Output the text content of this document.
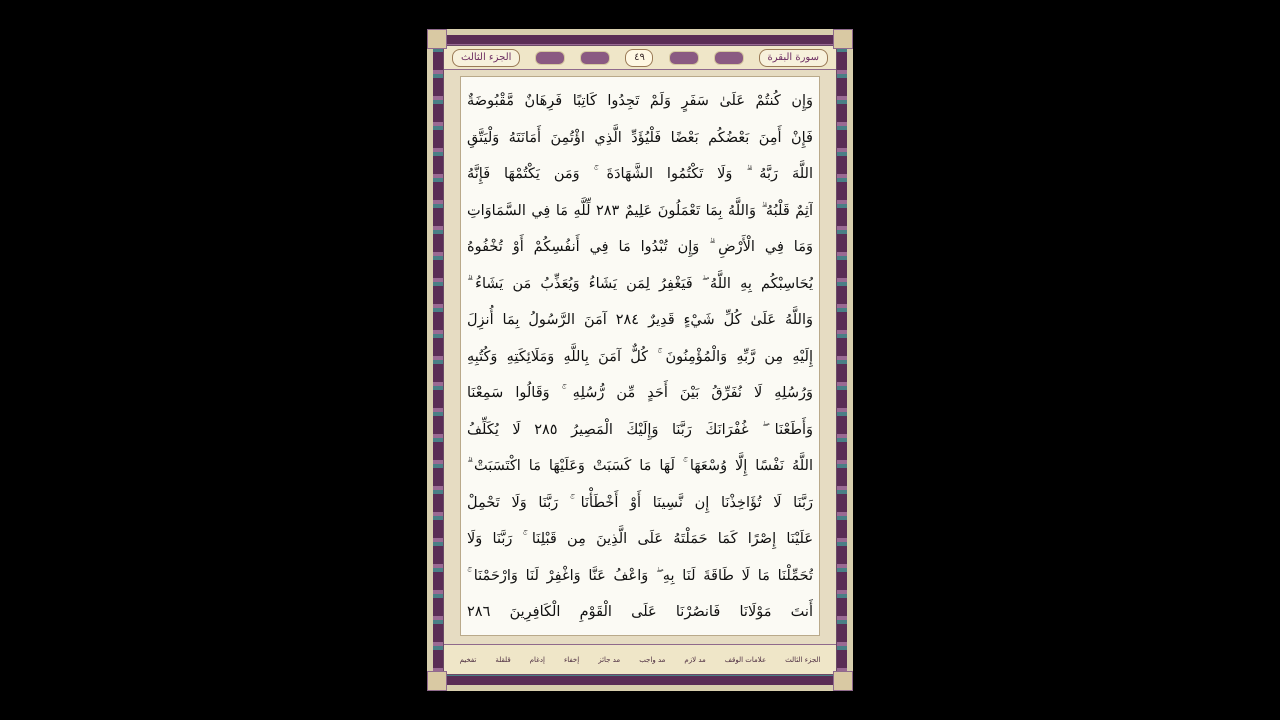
الجزء الثالث	٤٩	سورة البقرة
وَإِن كُنتُمْ عَلَىٰ سَفَرٍ وَلَمْ تَجِدُوا كَاتِبًا فَرِهَانٌ مَّقْبُوضَةٌ
فَإِنْ أَمِنَ بَعْضُكُم بَعْضًا فَلْيُؤَدِّ الَّذِي اؤْتُمِنَ أَمَانَتَهُ وَلْيَتَّقِ
اللَّهَ رَبَّهُ ۗ وَلَا تَكْتُمُوا الشَّهَادَةَ ۚ وَمَن يَكْتُمْهَا فَإِنَّهُ
آثِمٌ قَلْبُهُ ۗ وَاللَّهُ بِمَا تَعْمَلُونَ عَلِيمٌ ٢٨٣ لِّلَّهِ مَا فِي السَّمَاوَاتِ
وَمَا فِي الْأَرْضِ ۗ وَإِن تُبْدُوا مَا فِي أَنفُسِكُمْ أَوْ تُخْفُوهُ
يُحَاسِبْكُم بِهِ اللَّهُ ۖ فَيَغْفِرُ لِمَن يَشَاءُ وَيُعَذِّبُ مَن يَشَاءُ ۗ
وَاللَّهُ عَلَىٰ كُلِّ شَيْءٍ قَدِيرٌ ٢٨٤ آمَنَ الرَّسُولُ بِمَا أُنزِلَ
إِلَيْهِ مِن رَّبِّهِ وَالْمُؤْمِنُونَ ۚ كُلٌّ آمَنَ بِاللَّهِ وَمَلَائِكَتِهِ وَكُتُبِهِ
وَرُسُلِهِ لَا نُفَرِّقُ بَيْنَ أَحَدٍ مِّن رُّسُلِهِ ۚ وَقَالُوا سَمِعْنَا
وَأَطَعْنَا ۖ غُفْرَانَكَ رَبَّنَا وَإِلَيْكَ الْمَصِيرُ ٢٨٥ لَا يُكَلِّفُ
اللَّهُ نَفْسًا إِلَّا وُسْعَهَا ۚ لَهَا مَا كَسَبَتْ وَعَلَيْهَا مَا اكْتَسَبَتْ ۗ
رَبَّنَا لَا تُؤَاخِذْنَا إِن نَّسِينَا أَوْ أَخْطَأْنَا ۚ رَبَّنَا وَلَا تَحْمِلْ
عَلَيْنَا إِصْرًا كَمَا حَمَلْتَهُ عَلَى الَّذِينَ مِن قَبْلِنَا ۚ رَبَّنَا وَلَا
تُحَمِّلْنَا مَا لَا طَاقَةَ لَنَا بِهِ ۖ وَاعْفُ عَنَّا وَاغْفِرْ لَنَا وَارْحَمْنَا ۚ
أَنتَ مَوْلَانَا فَانصُرْنَا عَلَى الْقَوْمِ الْكَافِرِينَ ٢٨٦
الجزء الثالث
علامات الوقف
مد لازم
مد واجب
مد جائز
إخفاء
إدغام
قلقلة
تفخيم
